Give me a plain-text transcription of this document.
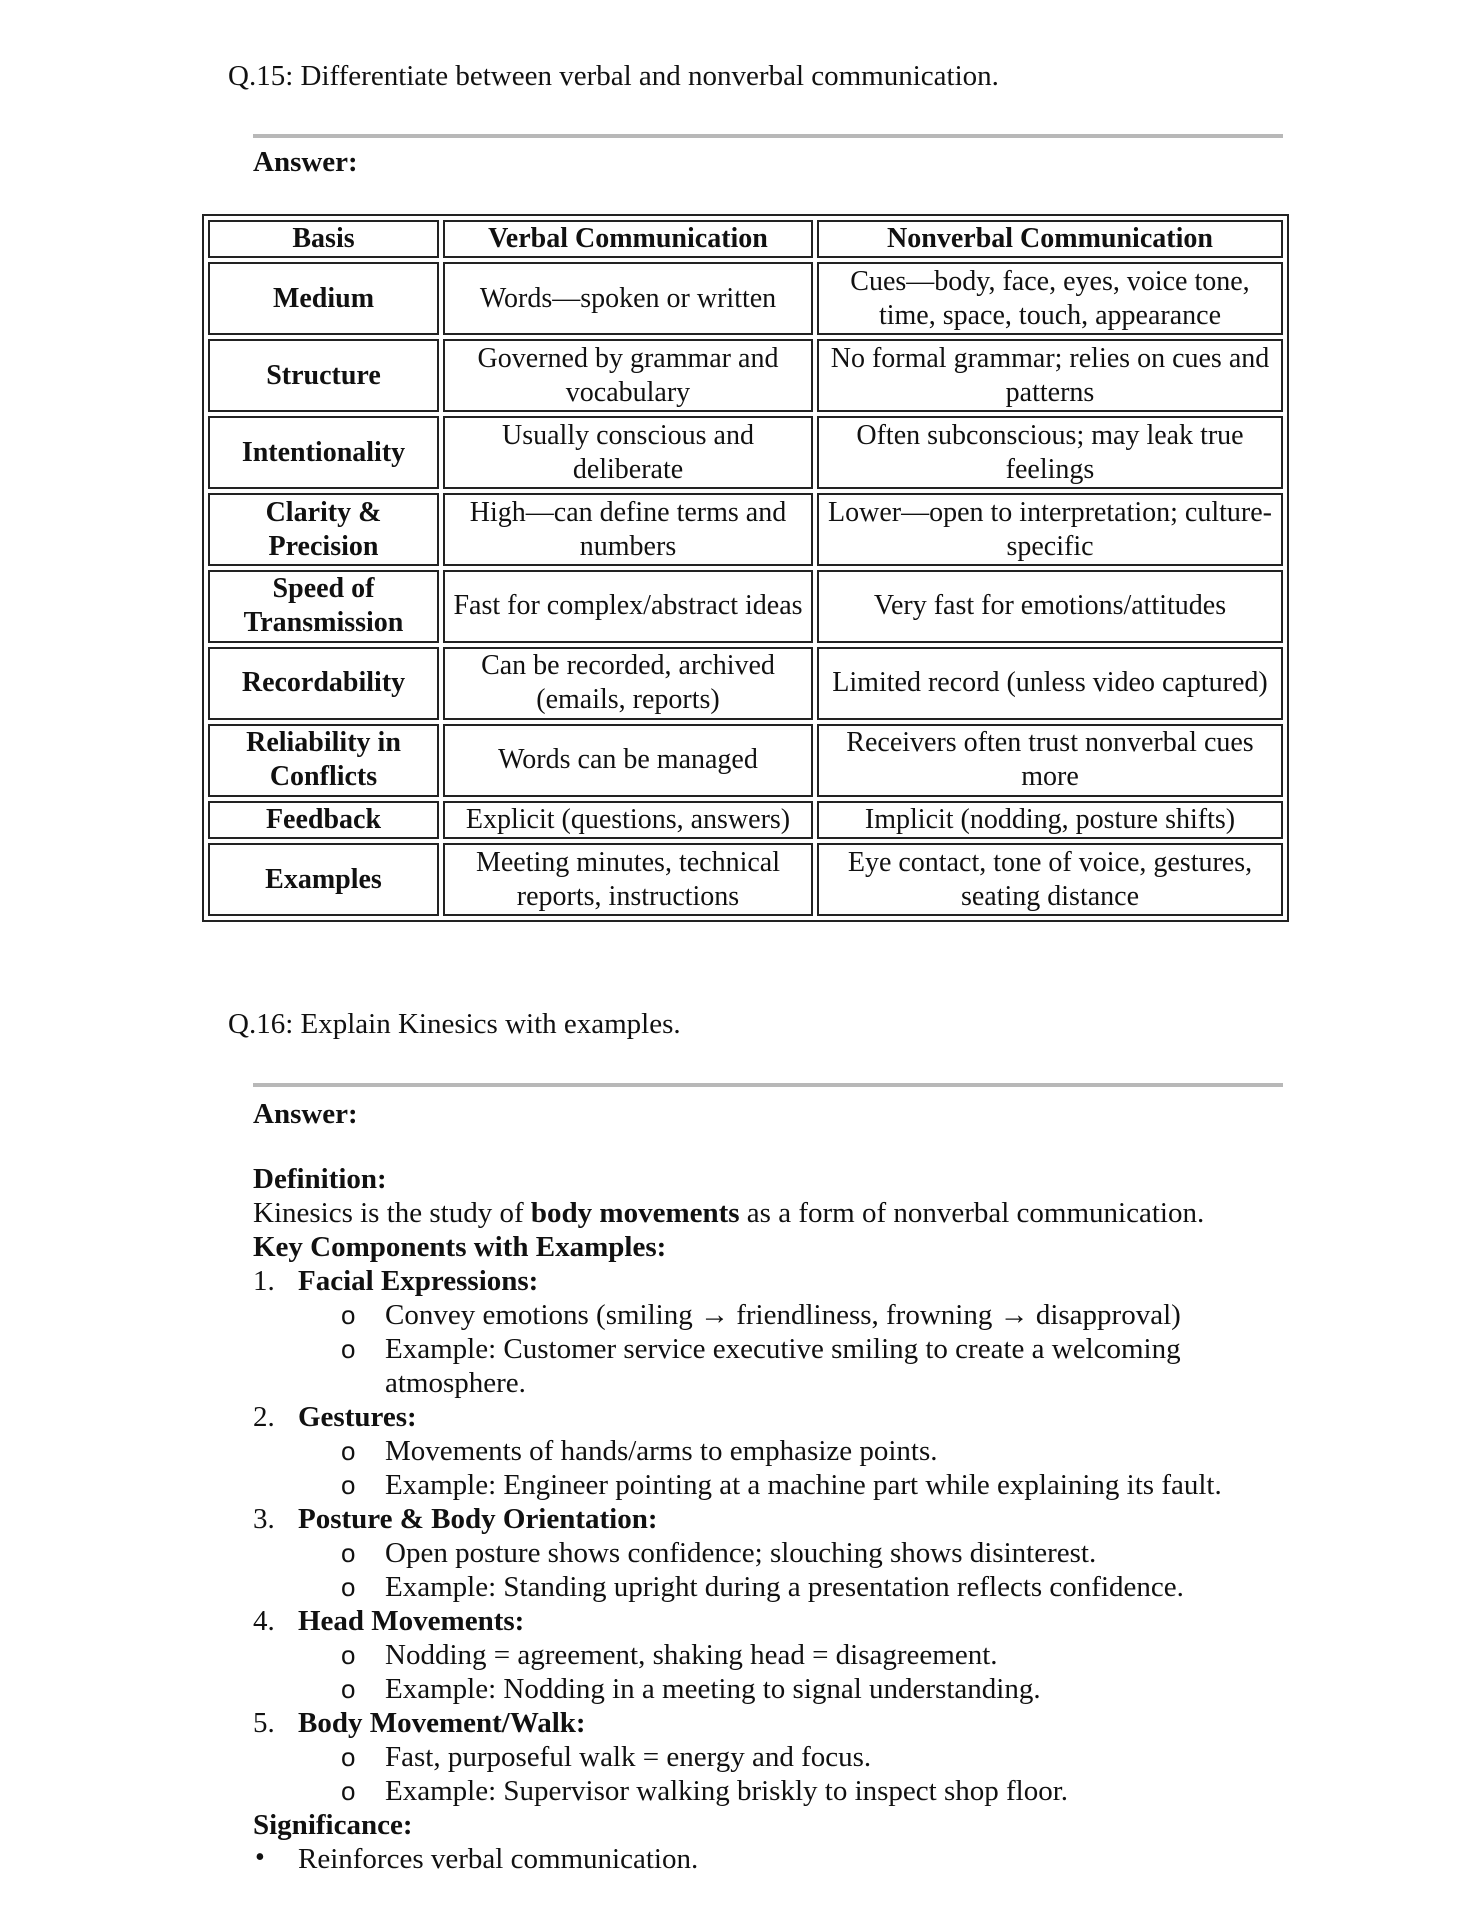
Q.15: Differentiate between verbal and nonverbal communication.
Answer:
Basis	Verbal Communication	Nonverbal Communication
Medium	Words—spoken or written	Cues—body, face, eyes, voice tone, time, space, touch, appearance
Structure	Governed by grammar and vocabulary	No formal grammar; relies on cues and patterns
Intentionality	Usually conscious and deliberate	Often subconscious; may leak true feelings
Clarity & Precision	High—can define terms and numbers	Lower—open to interpretation; culture-specific
Speed of Transmission	Fast for complex/abstract ideas	Very fast for emotions/attitudes
Recordability	Can be recorded, archived (emails, reports)	Limited record (unless video captured)
Reliability in Conflicts	Words can be managed	Receivers often trust nonverbal cues more
Feedback	Explicit (questions, answers)	Implicit (nodding, posture shifts)
Examples	Meeting minutes, technical reports, instructions	Eye contact, tone of voice, gestures, seating distance
Q.16: Explain Kinesics with examples.
Answer:
Definition:
Kinesics is the study of body movements as a form of nonverbal communication.
Key Components with Examples:
1. Facial Expressions:
o Convey emotions (smiling → friendliness, frowning → disapproval)
o Example: Customer service executive smiling to create a welcoming atmosphere.
2. Gestures:
o Movements of hands/arms to emphasize points.
o Example: Engineer pointing at a machine part while explaining its fault.
3. Posture & Body Orientation:
o Open posture shows confidence; slouching shows disinterest.
o Example: Standing upright during a presentation reflects confidence.
4. Head Movements:
o Nodding = agreement, shaking head = disagreement.
o Example: Nodding in a meeting to signal understanding.
5. Body Movement/Walk:
o Fast, purposeful walk = energy and focus.
o Example: Supervisor walking briskly to inspect shop floor.
Significance:
• Reinforces verbal communication.
